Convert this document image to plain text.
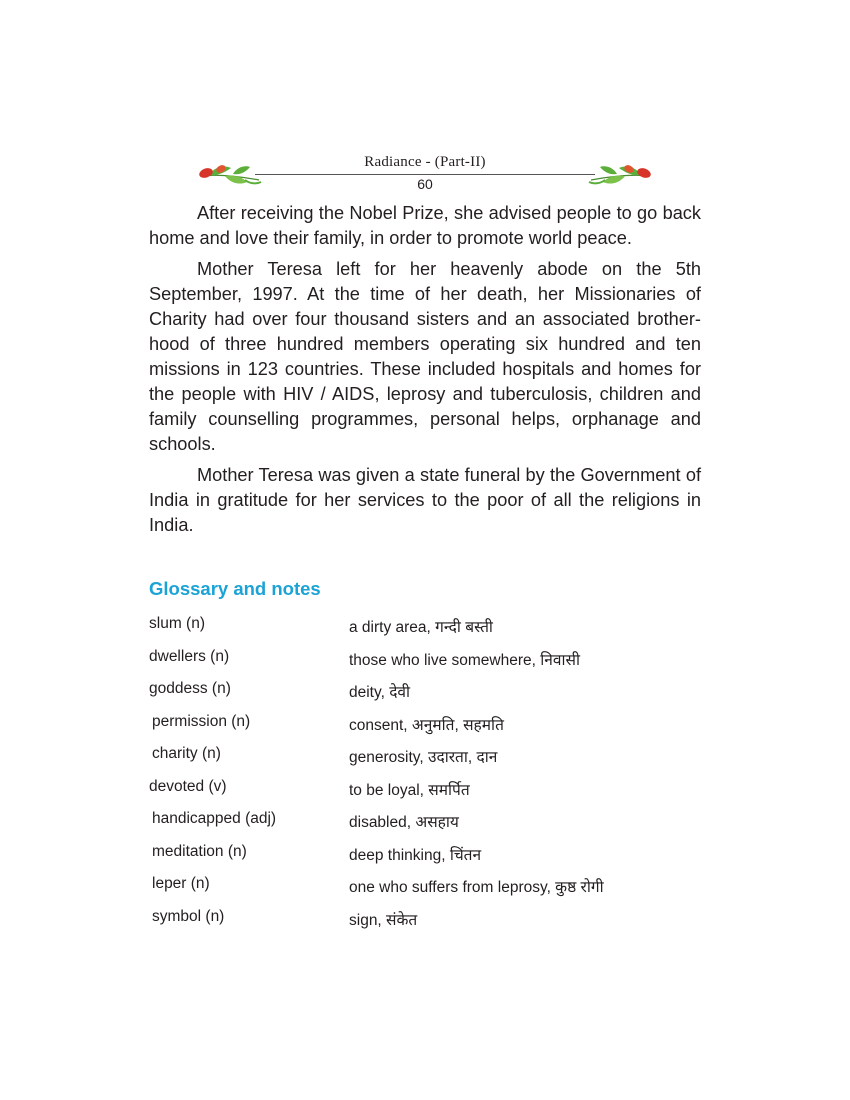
Radiance - (Part-II)
60

After receiving the Nobel Prize, she advised people to go back home and love their family, in order to promote world peace.

Mother Teresa left for her heavenly abode on the 5th September, 1997. At the time of her death, her Missionaries of Charity had over four thousand sisters and an associated brother-hood of three hundred members operating six hundred and ten missions in 123 countries. These included hospitals and homes for the people with HIV / AIDS, leprosy and tuberculosis, children and family counselling programmes, personal helps, orphanage and schools.

Mother Teresa was given a state funeral by the Government of India in gratitude for her services to the poor of all the religions in India.

Glossary and notes
slum (n)	a dirty area, गन्दी बस्ती
dwellers (n)	those who live somewhere, निवासी
goddess (n)	deity, देवी
permission (n)	consent, अनुमति, सहमति
charity (n)	generosity, उदारता, दान
devoted (v)	to be loyal, समर्पित
handicapped (adj)	disabled, असहाय
meditation (n)	deep thinking, चिंतन
leper (n)	one who suffers from leprosy, कुष्ठ रोगी
symbol (n)	sign, संकेत
